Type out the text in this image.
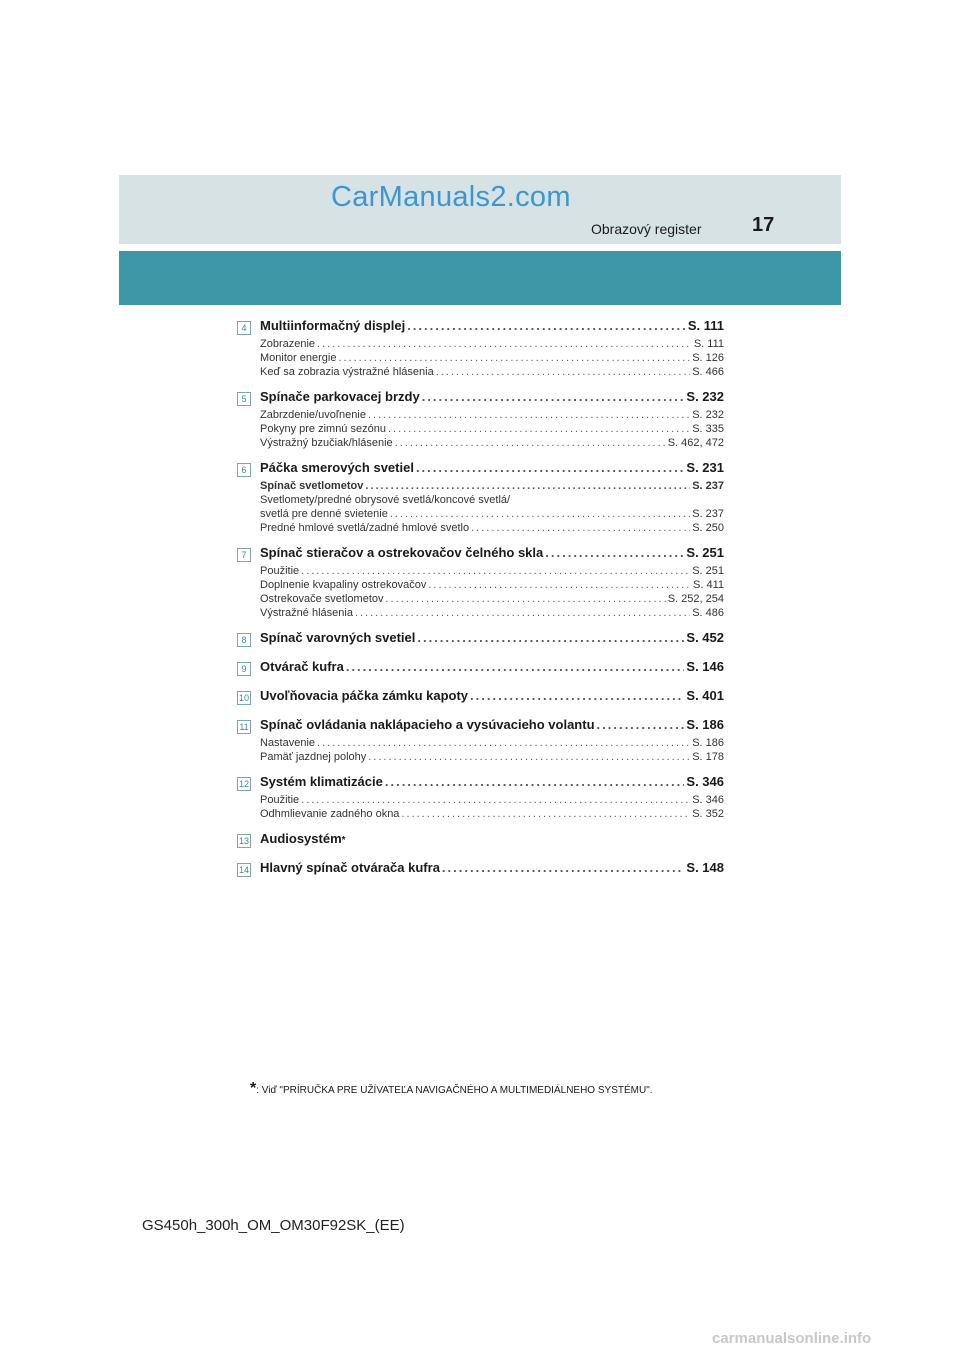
CarManuals2.com
Obrazový register	17
4	Multiinformačný displej .....	S. 111
Zobrazenie .....	S. 111
Monitor energie .....	S. 126
Keď sa zobrazia výstražné hlásenia .....	S. 466
5	Spínače parkovacej brzdy .....	S. 232
Zabrzdenie/uvoľnenie .....	S. 232
Pokyny pre zimnú sezónu .....	S. 335
Výstražný bzučiak/hlásenie .....	S. 462, 472
6	Páčka smerových svetiel .....	S. 231
Spínač svetlometov .....	S. 237
Svetlomety/predné obrysové svetlá/koncové svetlá/
svetlá pre denné svietenie .....	S. 237
Predné hmlové svetlá/zadné hmlové svetlo .....	S. 250
7	Spínač stieračov a ostrekovačov čelného skla .....	S. 251
Použitie .....	S. 251
Doplnenie kvapaliny ostrekovačov .....	S. 411
Ostrekovače svetlometov .....	S. 252, 254
Výstražné hlásenia .....	S. 486
8	Spínač varovných svetiel .....	S. 452
9	Otvárač kufra .....	S. 146
10 Uvoľňovacia páčka zámku kapoty .....	S. 401
11 Spínač ovládania naklápacieho a vysúvacieho volantu .....	S. 186
Nastavenie .....	S. 186
Pamäť jazdnej polohy .....	S. 178
12 Systém klimatizácie .....	S. 346
Použitie .....	S. 346
Odhmlievanie zadného okna .....	S. 352
13 Audiosystém *
14 Hlavný spínač otvárača kufra .....	S. 148
*: Viď "PRÍRUČKA PRE UŽÍVATEĽA NAVIGAČNÉHO A MULTIMEDIÁLNEHO SYSTÉMU".
GS450h_300h_OM_OM30F92SK_(EE)
carmanualsonline.info
